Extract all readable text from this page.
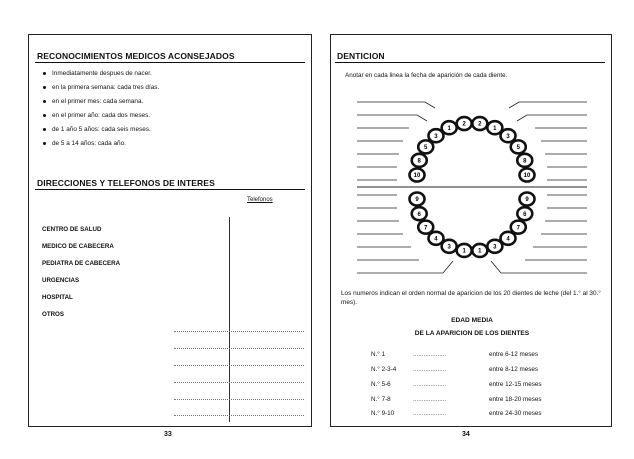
RECONOCIMIENTOS MEDICOS ACONSEJADOS
Inmediatamente despues de nacer.
en la primera semana: cada tres días.
en el primer mes: cada semana.
en el primer año: cada dos meses.
de 1 año 5 años: cada seis meses.
de 5 a 14 años: cada año.
DIRECCIONES Y TELEFONOS DE INTERES
Telefonos
CENTRO DE SALUD
MEDICO DE CABECERA
PEDIATRA DE CABECERA
URGENCIAS
HOSPITAL
OTROS
DENTICION
Anotar en cada linea la fecha de aparición de cada diente.
10
8
5
3
1
2 2
1
3
5
8
10
9
6
7
4
3
1 1
3
4
7
6
9
Los numeros indican el orden normal de aparicion de los 20 dientes de leche (del 1.° al 30.° mes).
EDAD MEDIA
DE LA APARICION DE LOS DIENTES
N.° 1	...................	entre 6-12 meses
N.° 2-3-4	...................	entre 8-12 meses
N.° 5-6	...................	entre 12-15 meses
N.° 7-8	...................	entre 18-20 meses
N.° 9-10	...................	entre 24-30 meses
33	34
